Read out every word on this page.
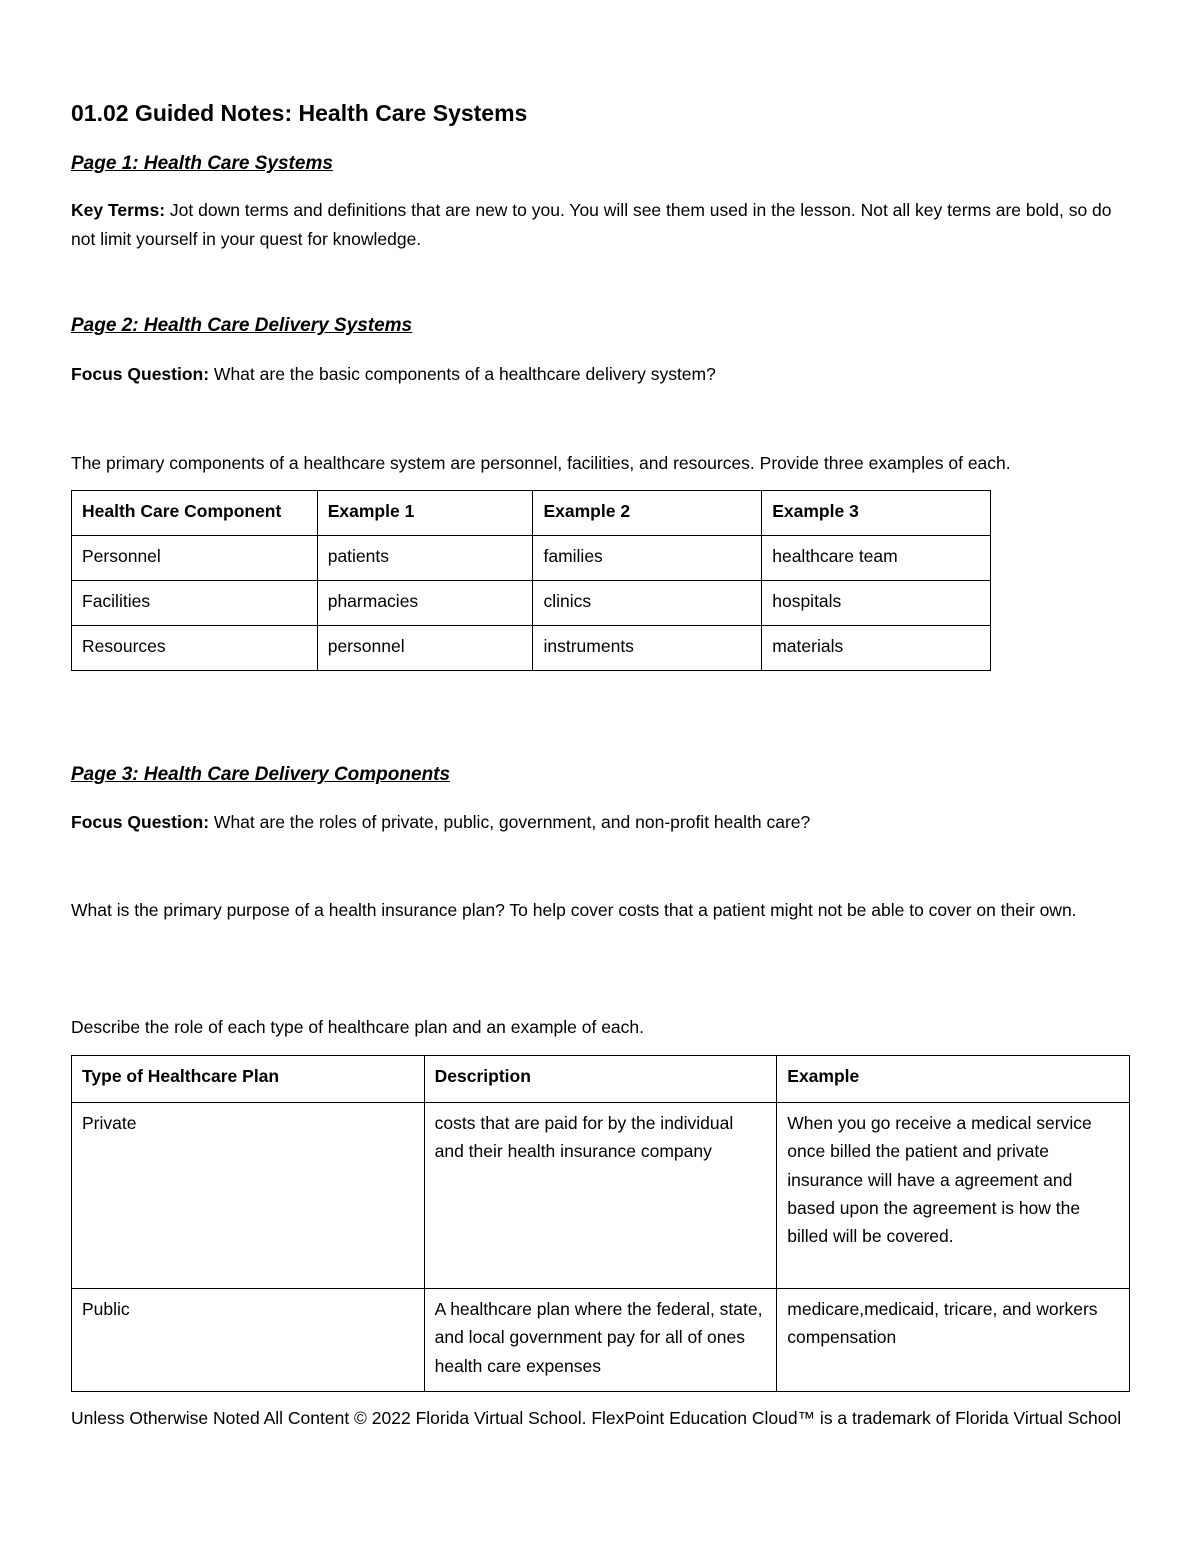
01.02 Guided Notes: Health Care Systems
Page 1: Health Care Systems

Key Terms: Jot down terms and definitions that are new to you. You will see them used in the lesson. Not all key terms are bold, so do not limit yourself in your quest for knowledge.

Page 2: Health Care Delivery Systems

Focus Question: What are the basic components of a healthcare delivery system?

The primary components of a healthcare system are personnel, facilities, and resources. Provide three examples of each.

Health Care Component	Example 1	Example 2	Example 3
Personnel	patients	families	healthcare team
Facilities	pharmacies	clinics	hospitals
Resources	personnel	instruments	materials
Page 3: Health Care Delivery Components

Focus Question: What are the roles of private, public, government, and non-profit health care?

What is the primary purpose of a health insurance plan? To help cover costs that a patient might not be able to cover on their own.

Describe the role of each type of healthcare plan and an example of each.

Type of Healthcare Plan	Description	Example
Private	costs that are paid for by the individual and their health insurance company	When you go receive a medical service once billed the patient and private insurance will have a agreement and based upon the agreement is how the billed will be covered.
Public	A healthcare plan where the federal, state, and local government pay for all of ones health care expenses	medicare,medicaid, tricare, and workers compensation

Unless Otherwise Noted All Content © 2022 Florida Virtual School. FlexPoint Education Cloud™ is a trademark of Florida Virtual School
